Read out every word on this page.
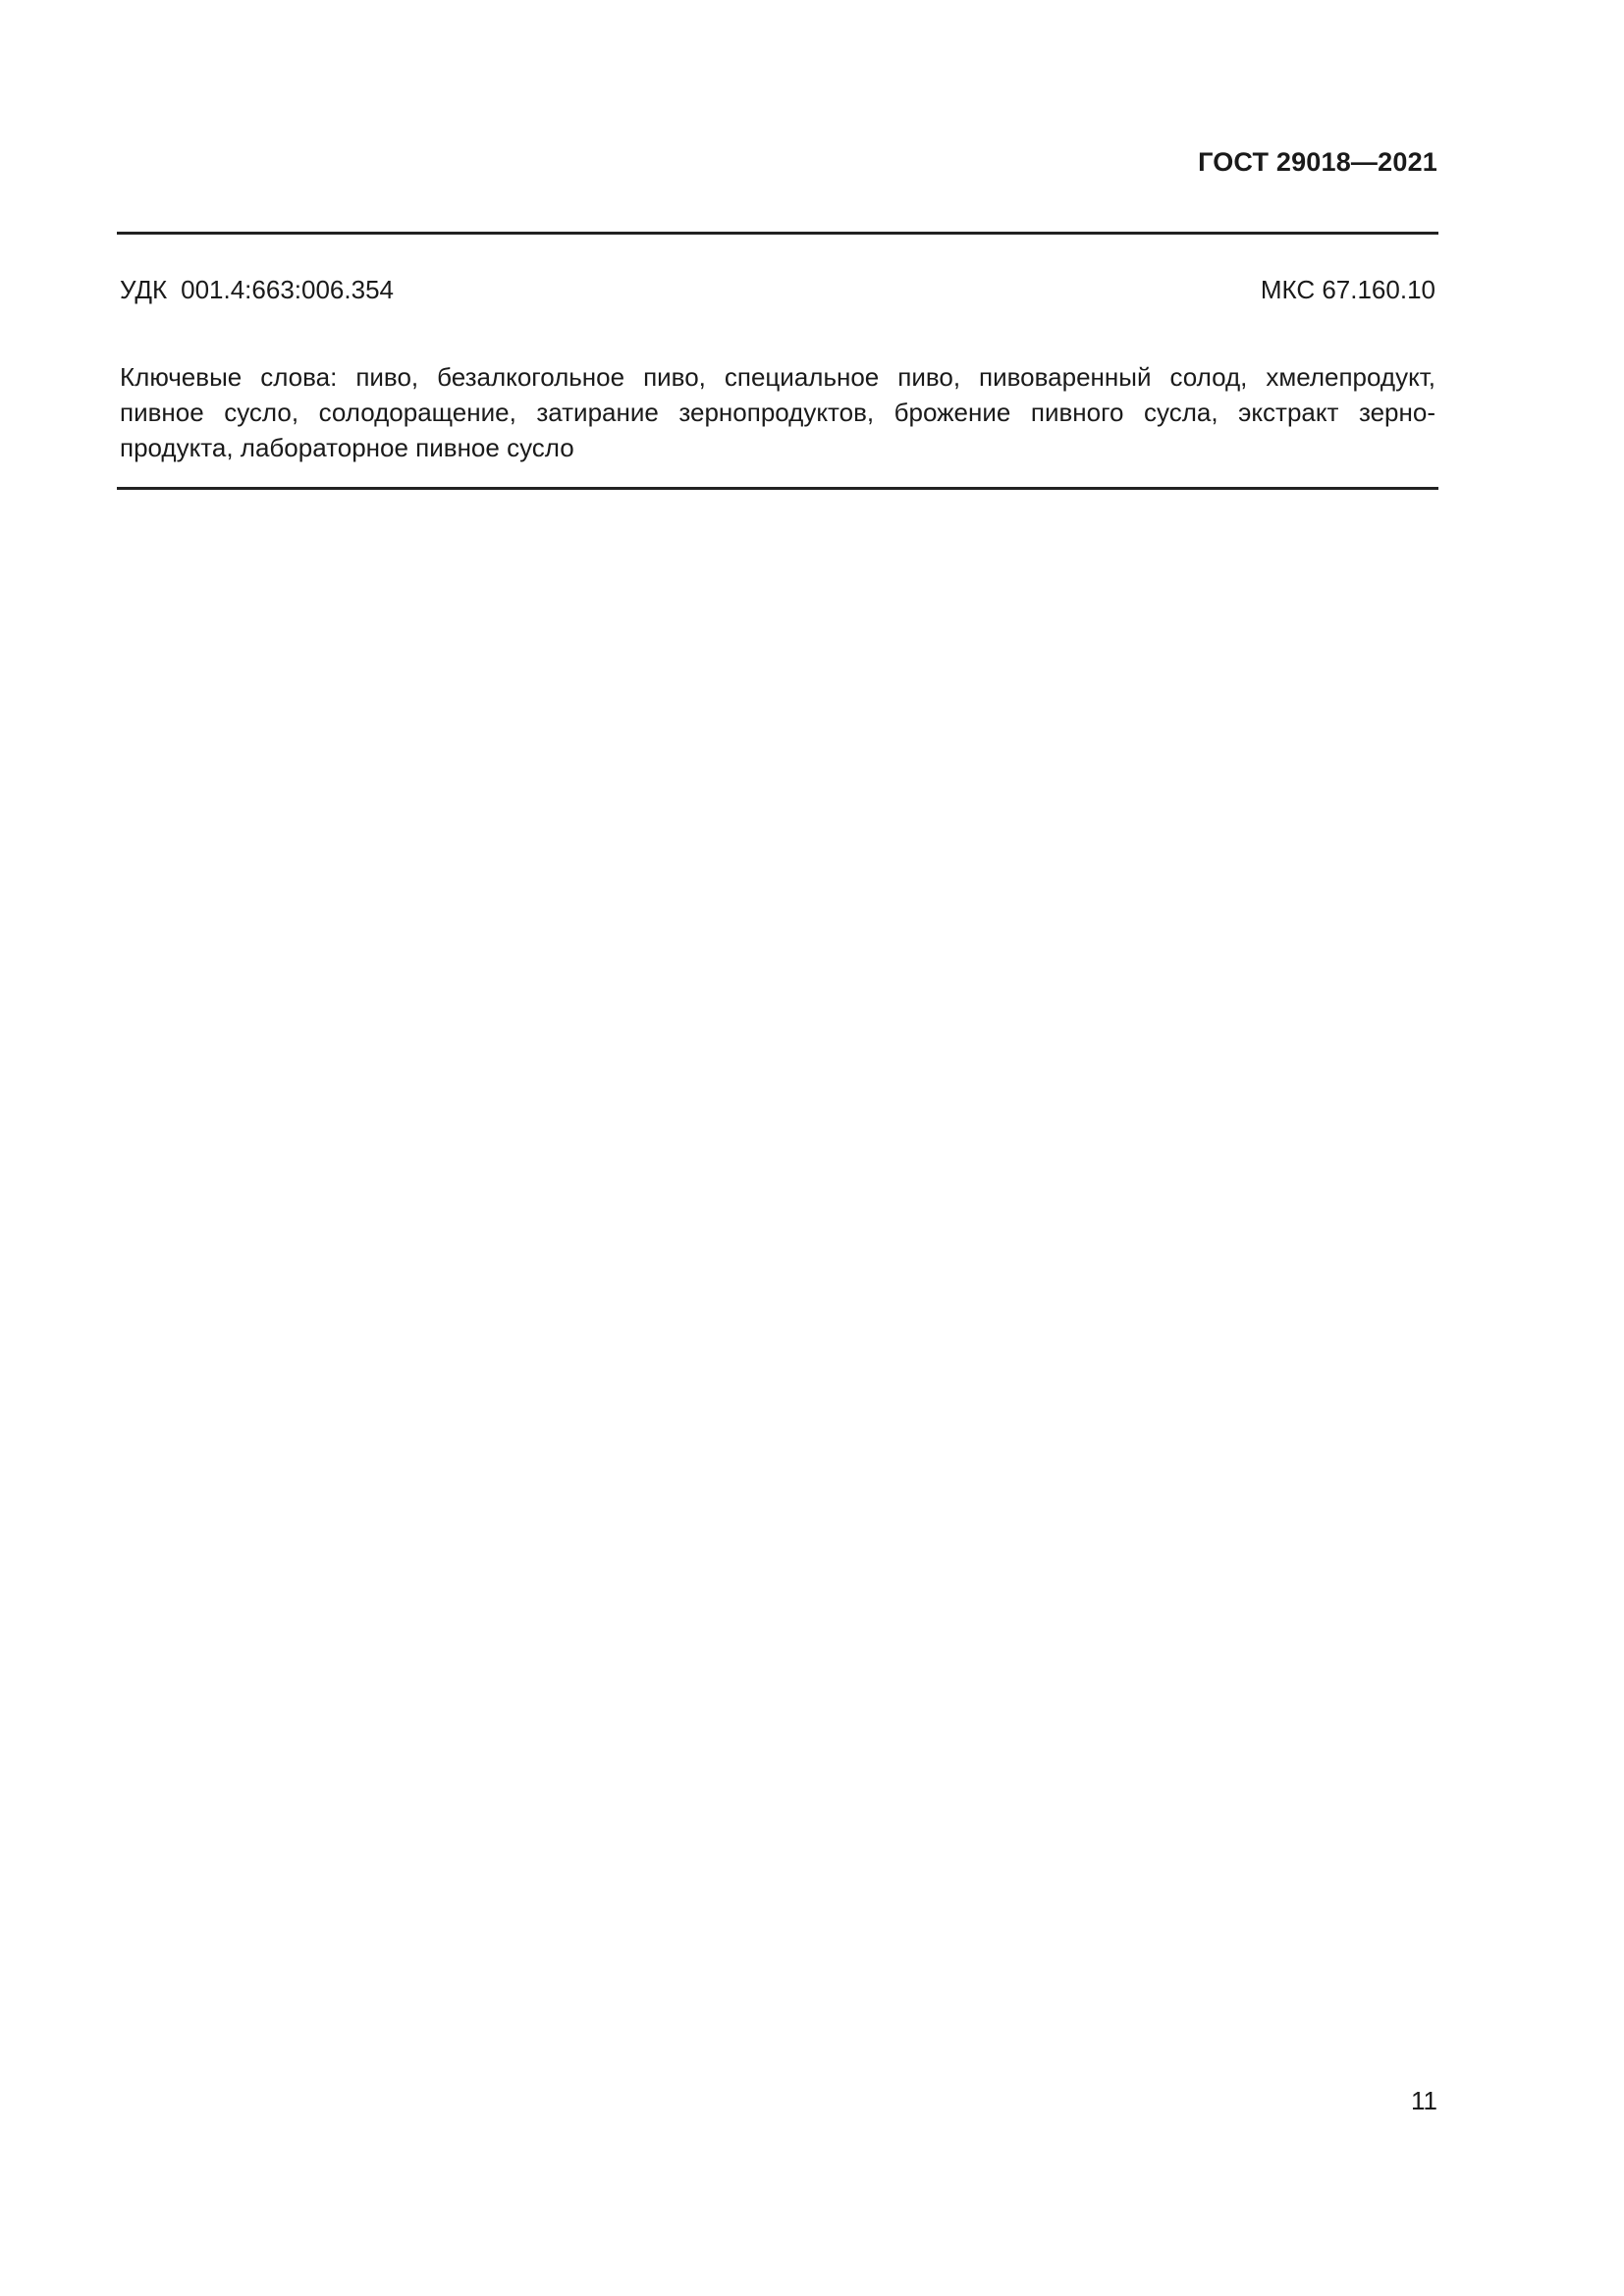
ГОСТ 29018—2021
УДК 001.4:663:006.354	МКС 67.160.10
Ключевые слова: пиво, безалкогольное пиво, специальное пиво, пивоваренный солод, хмелепродукт,
пивное сусло, солодоращение, затирание зернопродуктов, брожение пивного сусла, экстракт зерно-
продукта, лабораторное пивное сусло
11
